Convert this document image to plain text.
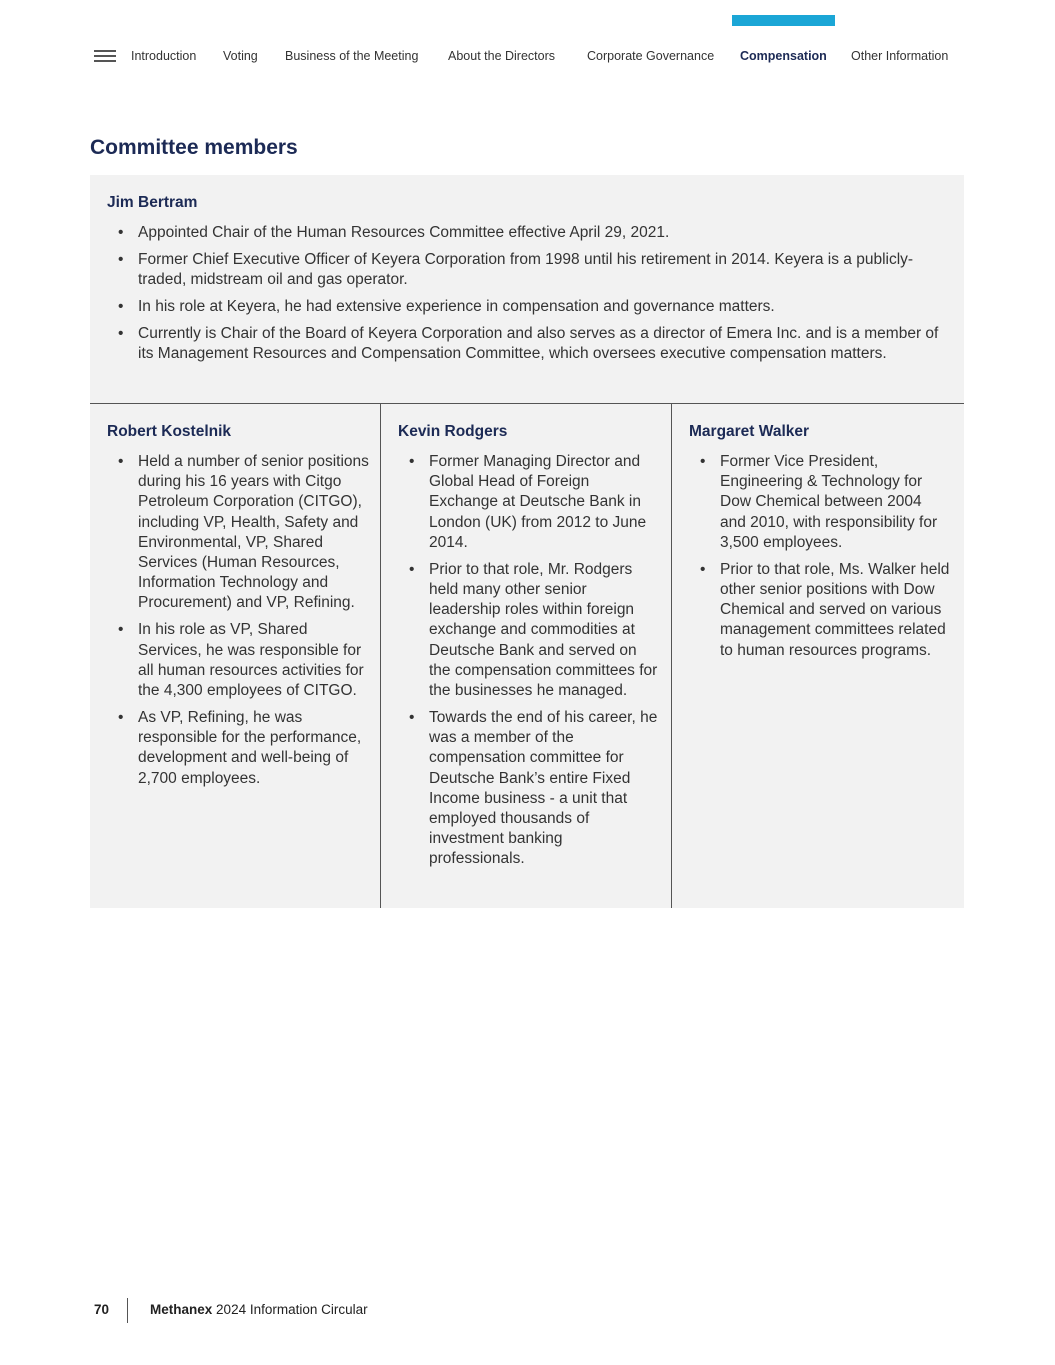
Introduction Voting Business of the Meeting About the Directors	Corporate Governance Compensation Other Information
Committee members
Jim Bertram
• Appointed Chair of the Human Resources Committee effective April 29, 2021.
• Former Chief Executive Officer of Keyera Corporation from 1998 until his retirement in 2014. Keyera is a publicly-traded, midstream oil and gas operator.
• In his role at Keyera, he had extensive experience in compensation and governance matters.
• Currently is Chair of the Board of Keyera Corporation and also serves as a director of Emera Inc. and is a member of its Management Resources and Compensation Committee, which oversees executive compensation matters.
Robert Kostelnik
• Held a number of senior positions during his 16 years with Citgo Petroleum Corporation (CITGO), including VP, Health, Safety and Environmental, VP, Shared Services (Human Resources, Information Technology and Procurement) and VP, Refining.
• In his role as VP, Shared Services, he was responsible for all human resources activities for the 4,300 employees of CITGO.
• As VP, Refining, he was responsible for the performance, development and well-being of 2,700 employees.
Kevin Rodgers
• Former Managing Director and Global Head of Foreign Exchange at Deutsche Bank in London (UK) from 2012 to June 2014.
• Prior to that role, Mr. Rodgers held many other senior leadership roles within foreign exchange and commodities at Deutsche Bank and served on the compensation committees for the businesses he managed.
• Towards the end of his career, he was a member of the compensation committee for Deutsche Bank’s entire Fixed Income business - a unit that employed thousands of investment banking professionals.
Margaret Walker
• Former Vice President, Engineering & Technology for Dow Chemical between 2004 and 2010, with responsibility for 3,500 employees.
• Prior to that role, Ms. Walker held other senior positions with Dow Chemical and served on various management committees related to human resources programs.
70	Methanex 2024 Information Circular
